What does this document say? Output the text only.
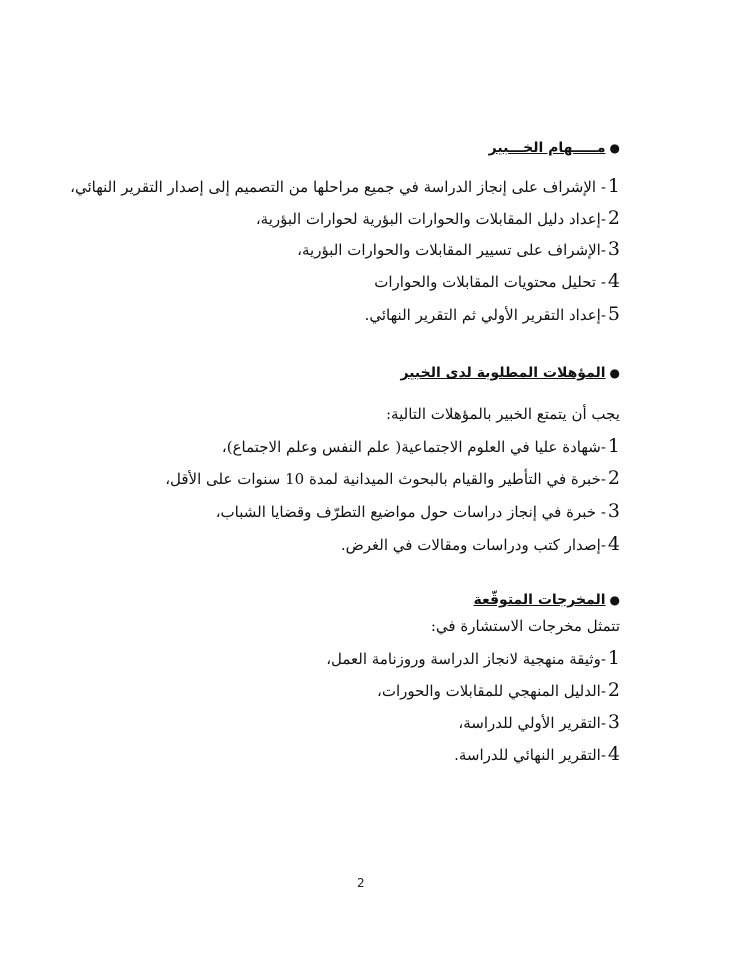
●مـــــهام الخـــبير
1- الإشراف على إنجاز الدراسة في جميع مراحلها من التصميم إلى إصدار التقرير النهائي،
2-إعداد دليل المقابلات والحوارات البؤرية لحوارات البؤرية،
3-الإشراف على تسيير المقابلات والحوارات البؤرية،
4- تحليل محتويات المقابلات والحوارات
5-إعداد التقرير الأولي ثم التقرير النهائي.
●المؤهلات المطلوبة لدى الخبير
يجب أن يتمتع الخبير بالمؤهلات التالية:
1-شهادة عليا في العلوم الاجتماعية( علم النفس وعلم الاجتماع)،
2-خبرة في التأطير والقيام بالبحوث الميدانية لمدة 10 سنوات على الأقل،
3- خبرة في إنجاز دراسات حول مواضيع التطرّف وقضايا الشباب،
4-إصدار كتب ودراسات ومقالات في الغرض.
●المخرجات المتوقّعة
تتمثل مخرجات الاستشارة في:
1-وثيقة منهجية لانجاز الدراسة وروزنامة العمل،
2-الدليل المنهجي للمقابلات والحورات،
3-التقرير الأولي للدراسة،
4-التقرير النهائي للدراسة.
2
